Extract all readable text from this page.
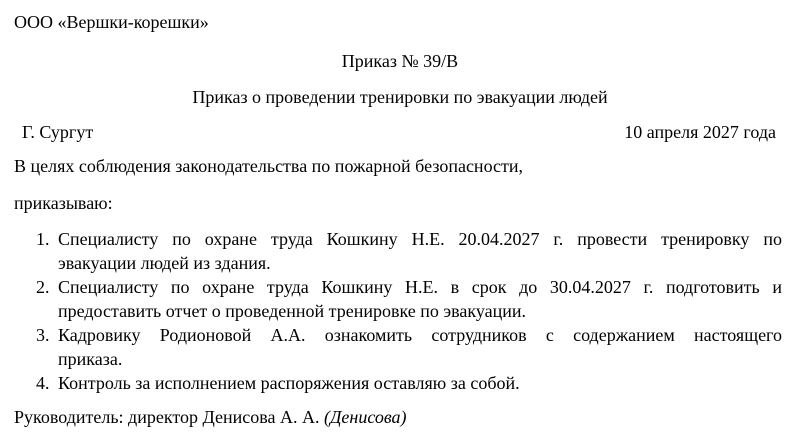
ООО «Вершки-корешки»
Приказ № 39/В
Приказ о проведении тренировки по эвакуации людей
Г. Сургут	10 апреля 2027 года
В целях соблюдения законодательства по пожарной безопасности,
приказываю:
1. Специалисту по охране труда Кошкину Н.Е. 20.04.2027 г. провести тренировку по
эвакуации людей из здания.
2. Специалисту по охране труда Кошкину Н.Е. в срок до 30.04.2027 г. подготовить и
предоставить отчет о проведенной тренировке по эвакуации.
3. Кадровику Родионовой А.А. ознакомить сотрудников с содержанием настоящего
приказа.
4. Контроль за исполнением распоряжения оставляю за собой.
Руководитель: директор Денисова А. А. (Денисова)
